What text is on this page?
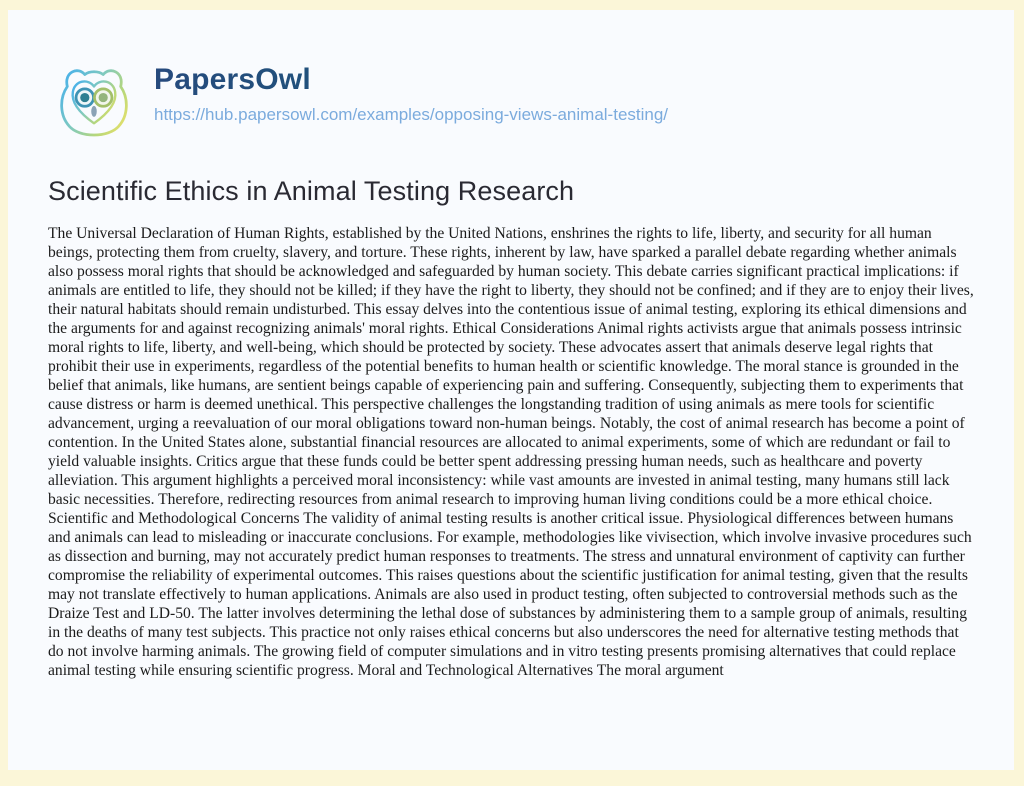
PapersOwl
https://hub.papersowl.com/examples/opposing-views-animal-testing/
Scientific Ethics in Animal Testing Research

The Universal Declaration of Human Rights, established by the United Nations, enshrines the rights to life, liberty, and security for all human beings, protecting them from cruelty, slavery, and torture. These rights, inherent by law, have sparked a parallel debate regarding whether animals also possess moral rights that should be acknowledged and safeguarded by human society. This debate carries significant practical implications: if animals are entitled to life, they should not be killed; if they have the right to liberty, they should not be confined; and if they are to enjoy their lives, their natural habitats should remain undisturbed. This essay delves into the contentious issue of animal testing, exploring its ethical dimensions and the arguments for and against recognizing animals' moral rights. Ethical Considerations Animal rights activists argue that animals possess intrinsic moral rights to life, liberty, and well-being, which should be protected by society. These advocates assert that animals deserve legal rights that prohibit their use in experiments, regardless of the potential benefits to human health or scientific knowledge. The moral stance is grounded in the belief that animals, like humans, are sentient beings capable of experiencing pain and suffering. Consequently, subjecting them to experiments that cause distress or harm is deemed unethical. This perspective challenges the longstanding tradition of using animals as mere tools for scientific advancement, urging a reevaluation of our moral obligations toward non-human beings. Notably, the cost of animal research has become a point of contention. In the United States alone, substantial financial resources are allocated to animal experiments, some of which are redundant or fail to yield valuable insights. Critics argue that these funds could be better spent addressing pressing human needs, such as healthcare and poverty alleviation. This argument highlights a perceived moral inconsistency: while vast amounts are invested in animal testing, many humans still lack basic necessities. Therefore, redirecting resources from animal research to improving human living conditions could be a more ethical choice. Scientific and Methodological Concerns The validity of animal testing results is another critical issue. Physiological differences between humans and animals can lead to misleading or inaccurate conclusions. For example, methodologies like vivisection, which involve invasive procedures such as dissection and burning, may not accurately predict human responses to treatments. The stress and unnatural environment of captivity can further compromise the reliability of experimental outcomes. This raises questions about the scientific justification for animal testing, given that the results may not translate effectively to human applications. Animals are also used in product testing, often subjected to controversial methods such as the Draize Test and LD-50. The latter involves determining the lethal dose of substances by administering them to a sample group of animals, resulting in the deaths of many test subjects. This practice not only raises ethical concerns but also underscores the need for alternative testing methods that do not involve harming animals. The growing field of computer simulations and in vitro testing presents promising alternatives that could replace animal testing while ensuring scientific progress. Moral and Technological Alternatives The moral argument
